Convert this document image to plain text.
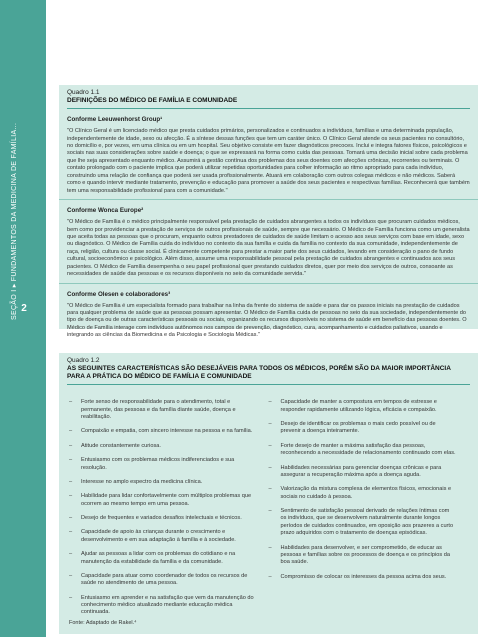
SEÇÃO I ▸ FUNDAMENTOS DA MEDICINA DE FAMÍLIA... 2
Quadro 1.1
DEFINIÇÕES DO MÉDICO DE FAMÍLIA E COMUNIDADE
Conforme Leeuwenhorst Group¹
"O Clínico Geral é um licenciado médico que presta cuidados primários, personalizados e continuados a indivíduos, famílias e uma determinada população, independentemente de idade, sexo ou afecção. É a síntese dessas funções que tem um caráter único. O Clínico Geral atende os seus pacientes no consultório, no domicílio e, por vezes, em uma clínica ou em um hospital. Seu objetivo consiste em fazer diagnósticos precoces. Inclui e integra fatores físicos, psicológicos e sociais nas suas considerações sobre saúde e doença; o que se expressará na forma como cuida das pessoas. Tomará uma decisão inicial sobre cada problema que lhe seja apresentado enquanto médico. Assumirá a gestão contínua dos problemas dos seus doentes com afecções crônicas, recorrentes ou terminais. O contato prolongado com o paciente implica que poderá utilizar repetidas oportunidades para colher informação ao ritmo apropriado para cada indivíduo, construindo uma relação de confiança que poderá ser usada profissionalmente. Atuará em colaboração com outros colegas médicos e não médicos. Saberá como e quando intervir mediante tratamento, prevenção e educação para promover a saúde dos seus pacientes e respectivas famílias. Reconhecerá que também tem uma responsabilidade profissional para com a comunidade."
Conforme Wonca Europe²
"O Médico de Família é o médico principalmente responsável pela prestação de cuidados abrangentes a todos os indivíduos que procuram cuidados médicos, bem como por providenciar a prestação de serviços de outros profissionais de saúde, sempre que necessário. O Médico de Família funciona como um generalista que aceita todas as pessoas que o procuram, enquanto outros prestadores de cuidados de saúde limitam o acesso aos seus serviços com base em idade, sexo ou diagnóstico. O Médico de Família cuida do indivíduo no contexto da sua família e cuida da família no contexto da sua comunidade, independentemente de raça, religião, cultura ou classe social. É clinicamente competente para prestar a maior parte dos seus cuidados, levando em consideração o pano de fundo cultural, socioeconômico e psicológico. Além disso, assume uma responsabilidade pessoal pela prestação de cuidados abrangentes e continuados aos seus pacientes. O Médico de Família desempenha o seu papel profissional quer prestando cuidados diretos, quer por meio dos serviços de outros, consoante as necessidades de saúde das pessoas e os recursos disponíveis no seio da comunidade servida."
Conforme Olesen e colaboradores³
"O Médico de Família é um especialista formado para trabalhar na linha da frente do sistema de saúde e para dar os passos iniciais na prestação de cuidados para qualquer problema de saúde que as pessoas possam apresentar. O Médico de Família cuida de pessoas no seio da sua sociedade, independentemente do tipo de doença ou de outras características pessoais ou sociais, organizando os recursos disponíveis no sistema de saúde em benefício das pessoas doentes. O Médico de Família interage com indivíduos autônomos nos campos de prevenção, diagnóstico, cura, acompanhamento e cuidados paliativos, usando e integrando as ciências da Biomedicina e da Psicologia e Sociologia Médicas."
Quadro 1.2
AS SEGUINTES CARACTERÍSTICAS SÃO DESEJÁVEIS PARA TODOS OS MÉDICOS, PORÉM SÃO DA MAIOR IMPORTÂNCIA PARA A PRÁTICA DO MÉDICO DE FAMÍLIA E COMUNIDADE
– Forte senso de responsabilidade para o atendimento, total e permanente, das pessoas e da família diante saúde, doença e reabilitação.
– Compaixão e empatia, com sincero interesse na pessoa e na família.
– Atitude constantemente curiosa.
– Entusiasmo com os problemas médicos indiferenciados e sua resolução.
– Interesse no amplo espectro da medicina clínica.
– Habilidade para lidar confortavelmente com múltiplos problemas que ocorrem ao mesmo tempo em uma pessoa.
– Desejo de frequentes e variados desafios intelectuais e técnicos.
– Capacidade de apoio às crianças durante o crescimento e desenvolvimento e em sua adaptação à família e à sociedade.
– Ajudar as pessoas a lidar com os problemas do cotidiano e na manutenção da estabilidade da família e da comunidade.
– Capacidade para atuar como coordenador de todos os recursos de saúde no atendimento de uma pessoa.
– Entusiasmo em aprender e na satisfação que vem da manutenção do conhecimento médico atualizado mediante educação médica continuada.
– Capacidade de manter a compostura em tempos de estresse e responder rapidamente utilizando lógica, eficácia e compaixão.
– Desejo de identificar os problemas o mais cedo possível ou de prevenir a doença inteiramente.
– Forte desejo de manter a máxima satisfação das pessoas, reconhecendo a necessidade de relacionamento continuado com elas.
– Habilidades necessárias para gerenciar doenças crônicas e para assegurar a recuperação máxima após a doença aguda.
– Valorização da mistura complexa de elementos físicos, emocionais e sociais no cuidado à pessoa.
– Sentimento de satisfação pessoal derivado de relações íntimas com os indivíduos, que se desenvolvem naturalmente durante longos períodos de cuidados continuados, em oposição aos prazeres a curto prazo adquiridos com o tratamento de doenças episódicas.
– Habilidades para desenvolver, e ser comprometido, de educar as pessoas e famílias sobre os processos de doença e os princípios da boa saúde.
– Compromisso de colocar os interesses da pessoa acima dos seus.
Fonte: Adaptado de Rakel.⁴
